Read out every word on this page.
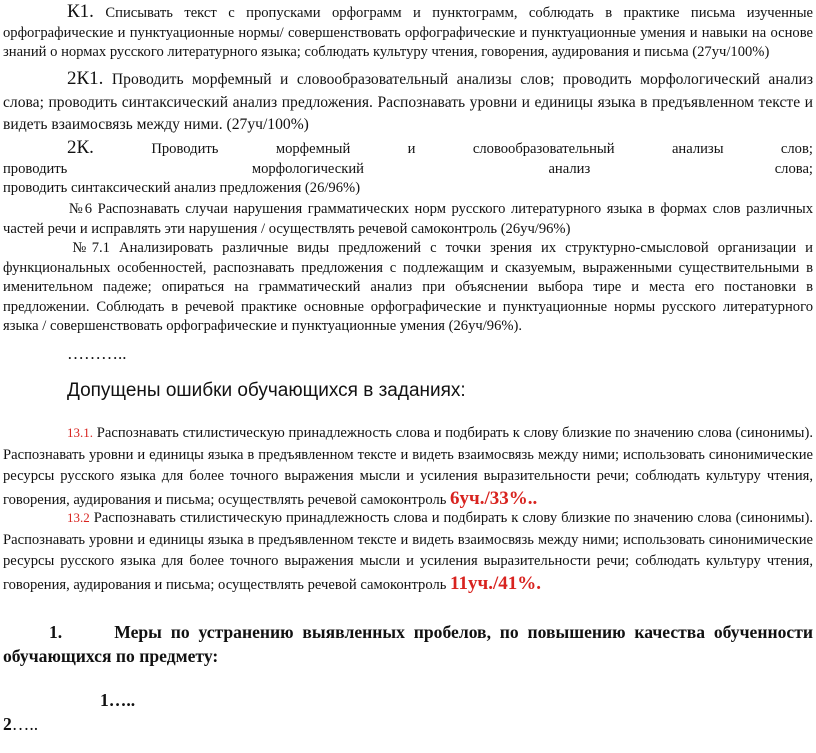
К1. Списывать текст с пропусками орфограмм и пунктограмм, соблюдать в практике письма изученные орфографические и пунктуационные нормы/ совершенствовать орфографические и пунктуационные умения и навыки на основе знаний о нормах русского литературного языка; соблюдать культуру чтения, говорения, аудирования и письма (27уч/100%)
2К1. Проводить морфемный и словообразовательный анализы слов; проводить морфологический анализ слова; проводить синтаксический анализ предложения. Распознавать уровни и единицы языка в предъявленном тексте и видеть взаимосвязь между ними. (27уч/100%)
2К.	Проводить	морфемный	и	словообразовательный	анализы	слов;
проводить	морфологический	анализ	слова;
проводить синтаксический анализ предложения (26/96%)
№6 Распознавать случаи нарушения грамматических норм русского литературного языка в формах слов различных частей речи и исправлять эти нарушения / осуществлять речевой самоконтроль (26уч/96%)
№7.1 Анализировать различные виды предложений с точки зрения их структурно-смысловой организации и функциональных особенностей, распознавать предложения с подлежащим и сказуемым, выраженными существительными в именительном падеже; опираться на грамматический анализ при объяснении выбора тире и места его постановки в предложении. Соблюдать в речевой практике основные орфографические и пунктуационные нормы русского литературного языка / совершенствовать орфографические и пунктуационные умения (26уч/96%).
………..
Допущены ошибки обучающихся в заданиях:
13.1. Распознавать стилистическую принадлежность слова и подбирать к слову близкие по значению слова (синонимы). Распознавать уровни и единицы языка в предъявленном тексте и видеть взаимосвязь между ними; использовать синонимические ресурсы русского языка для более точного выражения мысли и усиления выразительности речи; соблюдать культуру чтения, говорения, аудирования и письма; осуществлять речевой самоконтроль 6уч./33%..
13.2 Распознавать стилистическую принадлежность слова и подбирать к слову близкие по значению слова (синонимы). Распознавать уровни и единицы языка в предъявленном тексте и видеть взаимосвязь между ними; использовать синонимические ресурсы русского языка для более точного выражения мысли и усиления выразительности речи; соблюдать культуру чтения, говорения, аудирования и письма; осуществлять речевой самоконтроль 11уч./41%.
1.	Меры по устранению выявленных пробелов, по повышению качества обученности обучающихся по предмету:
1…..
2…..
